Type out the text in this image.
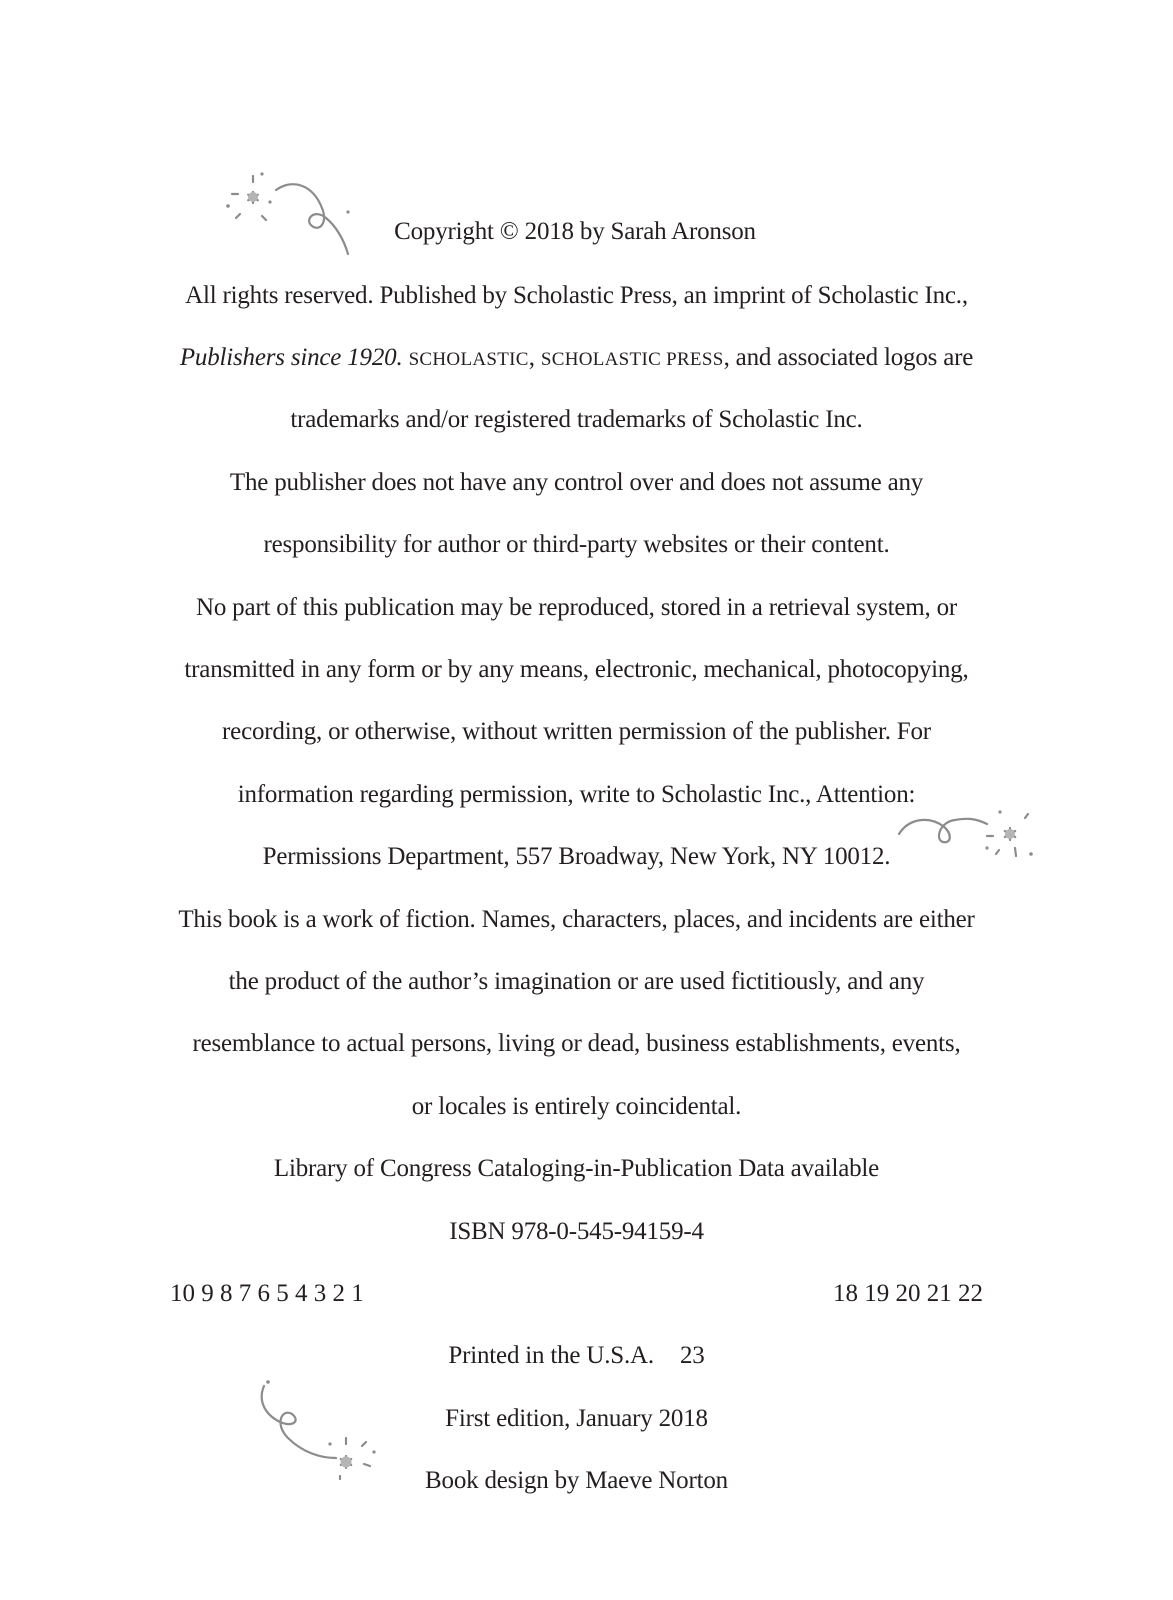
Copyright © 2018 by Sarah Aronson
All rights reserved. Published by Scholastic Press, an imprint of Scholastic Inc.,
Publishers since 1920. SCHOLASTIC, SCHOLASTIC PRESS, and associated logos are
trademarks and/or registered trademarks of Scholastic Inc.
The publisher does not have any control over and does not assume any
responsibility for author or third-party websites or their content.
No part of this publication may be reproduced, stored in a retrieval system, or
transmitted in any form or by any means, electronic, mechanical, photocopying,
recording, or otherwise, without written permission of the publisher. For
information regarding permission, write to Scholastic Inc., Attention:
Permissions Department, 557 Broadway, New York, NY 10012.
This book is a work of fiction. Names, characters, places, and incidents are either
the product of the author’s imagination or are used fictitiously, and any
resemblance to actual persons, living or dead, business establishments, events,
or locales is entirely coincidental.
Library of Congress Cataloging-in-Publication Data available
ISBN 978-0-545-94159-4
10 9 8 7 6 5 4 3 2 1	18 19 20 21 22
Printed in the U.S.A. 23
First edition, January 2018
Book design by Maeve Norton
